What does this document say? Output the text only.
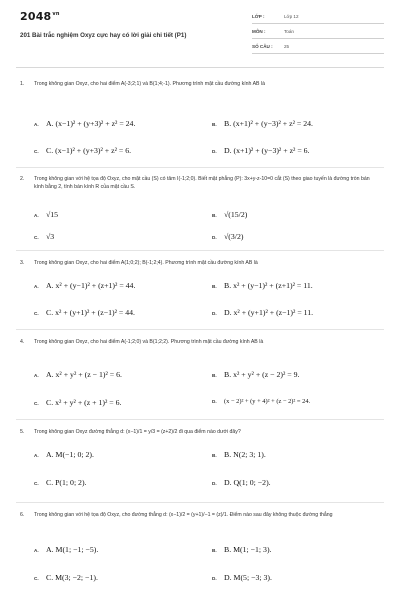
$2048^{vn}$
201 Bài trắc nghiệm Oxyz cực hay có lời giải chi tiết (P1)
LỚP :	Lớp 12
MÔN :	Toán
SỐ CÂU : 25
1. Trong không gian Oxyz, cho hai điểm A(-3;2;1) và B(1;4;-1). Phương trình mặt cầu đường kính AB là
A. A. (x−1)² + (y+3)² + z² = 24.	B. B. (x+1)² + (y−3)² + z² = 24.
C. C. (x−1)² + (y+3)² + z² = 6.	D. D. (x+1)² + (y−3)² + z² = 6.
2. Trong không gian với hệ tọa độ Oxyz, cho mặt cầu (S) có tâm I(-1;2;0). Biết mặt phẳng (P): 3x+y-z-10=0 cắt (S) theo giao tuyến là đường tròn bán kính bằng 2, tính bán kính R của mặt cầu S.
A. √15	B. √(15/2)
C. √3	D. √(3/2)
3. Trong không gian Oxyz, cho hai điểm A(1;0;2); B(-1;2;4). Phương trình mặt cầu đường kính AB là
A. A. x² + (y−1)² + (z+1)² = 44.	B. B. x² + (y−1)² + (z+1)² = 11.
C. C. x² + (y+1)² + (z−1)² = 44.	D. D. x² + (y+1)² + (z−1)² = 11.
4. Trong không gian Oxyz, cho hai điểm A(-1;2;0) và B(1;2;2). Phương trình mặt cầu đường kính AB là
A. A. x² + y² + (z − 1)² = 6.	B. B. x² + y² + (z − 2)² = 9.
C. C. x² + y² + (z + 1)² = 6.	D. (x − 2)² + (y + 4)² + (z − 2)² = 24.
5. Trong không gian Oxyz đường thẳng d: (x−1)/1 = y/3 = (z+2)/2 đi qua điểm nào dưới đây?
A. A. M(−1; 0; 2).	B. B. N(2; 3; 1).
C. C. P(1; 0; 2).	D. D. Q(1; 0; −2).
6. Trong không gian với hệ tọa độ Oxyz, cho đường thẳng d: (x−1)/2 = (y+1)/−1 = (z)/1. Điểm nào sau đây không thuộc đường thẳng
A. A. M(1; −1; −5).	B. B. M(1; −1; 3).
C. C. M(3; −2; −1).	D. D. M(5; −3; 3).
